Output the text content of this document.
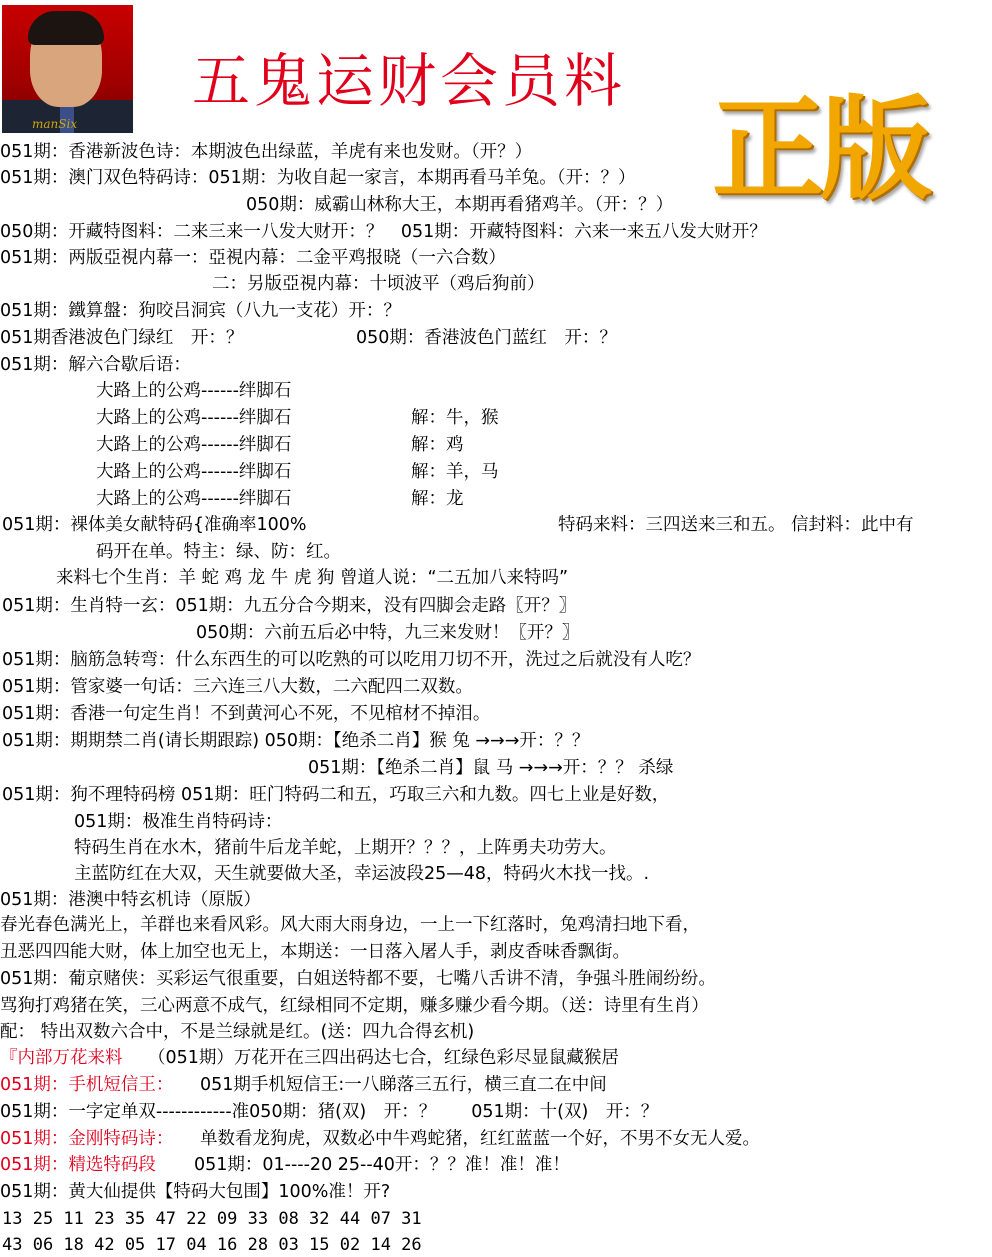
manSix
五鬼运财会员料
正版
051期：香港新波色诗：本期波色出绿蓝，羊虎有来也发财。（开？）
051期：澳门双色特码诗：051期：为收自起一家言，本期再看马羊兔。（开：？）
050期：威霸山林称大王，本期再看猪鸡羊。（开：？）
050期：开藏特图料：二来三来一八发大财开：？　051期：开藏特图料：六来一来五八发大财开？
051期：两版亞視内幕一：亞視内幕：二金平鸡报晓（一六合数）
二：另版亞視内幕：十顷波平（鸡后狗前）
051期：鐵算盤：狗咬吕洞宾（八九一支花）开：？
051期香港波色门绿红　开：？	050期：香港波色门蓝红　开：？
051期：解六合歇后语：
大路上的公鸡------绊脚石
大路上的公鸡------绊脚石	解：牛，猴
大路上的公鸡------绊脚石	解：鸡
大路上的公鸡------绊脚石	解：羊，马
大路上的公鸡------绊脚石	解：龙
051期：裸体美女献特码{准确率100%	特码来料：三四送来三和五。 信封料：此中有
码开在单。特主：绿、防：红。
来料七个生肖：羊 蛇 鸡 龙 牛 虎 狗 曾道人说：“二五加八来特吗”
051期：生肖特一玄：051期：九五分合今期来，没有四脚会走路〖开？〗
050期：六前五后必中特，九三来发财！〖开？〗
051期：脑筋急转弯：什么东西生的可以吃熟的可以吃用刀切不开，洗过之后就没有人吃？
051期：管家婆一句话：三六连三八大数，二六配四二双数。
051期：香港一句定生肖！不到黄河心不死，不见棺材不掉泪。
051期：期期禁二肖(请长期跟踪) 050期：【绝杀二肖】猴 兔 →→→开：？？
051期：【绝杀二肖】鼠 马 →→→开：？？ 杀绿
051期：狗不理特码榜 051期：旺门特码二和五，巧取三六和九数。四七上业是好数，
051期：极准生肖特码诗：
特码生肖在水木，猪前牛后龙羊蛇，上期开？？？，上阵勇夫功劳大。
主蓝防红在大双，天生就要做大圣，幸运波段25—48，特码火木找一找。.
051期：港澳中特玄机诗（原版）
春光春色满光上，羊群也来看风彩。风大雨大雨身边，一上一下红落时，兔鸡清扫地下看，
丑恶四四能大财，体上加空也无上，本期送：一日落入屠人手，剥皮香味香飘街。
051期：葡京赌侠：买彩运气很重要，白姐送特都不要，七嘴八舌讲不清，争强斗胜闹纷纷。
骂狗打鸡猪在笑，三心两意不成气，红绿相同不定期，赚多赚少看今期。（送：诗里有生肖）
配： 特出双数六合中，不是兰绿就是红。(送：四九合得玄机)
『内部万花来料 （051期）万花开在三四出码达七合，红绿色彩尽显鼠藏猴居
051期：手机短信王： 051期手机短信王:一八睇落三五行，横三直二在中间
051期：一字定单双------------准050期：猪(双)　开：？　　051期：十(双)　开：？
051期：金刚特码诗： 单数看龙狗虎，双数必中牛鸡蛇猪，红红蓝蓝一个好，不男不女无人爱。
051期：精选特码段 051期：01----20 25--40开：？？准！准！准！
051期：黄大仙提供【特码大包围】100%准！开?
13 25 11 23 35 47 22 09 33 08 32 44 07 31
43 06 18 42 05 17 04 16 28 03 15 02 14 26
